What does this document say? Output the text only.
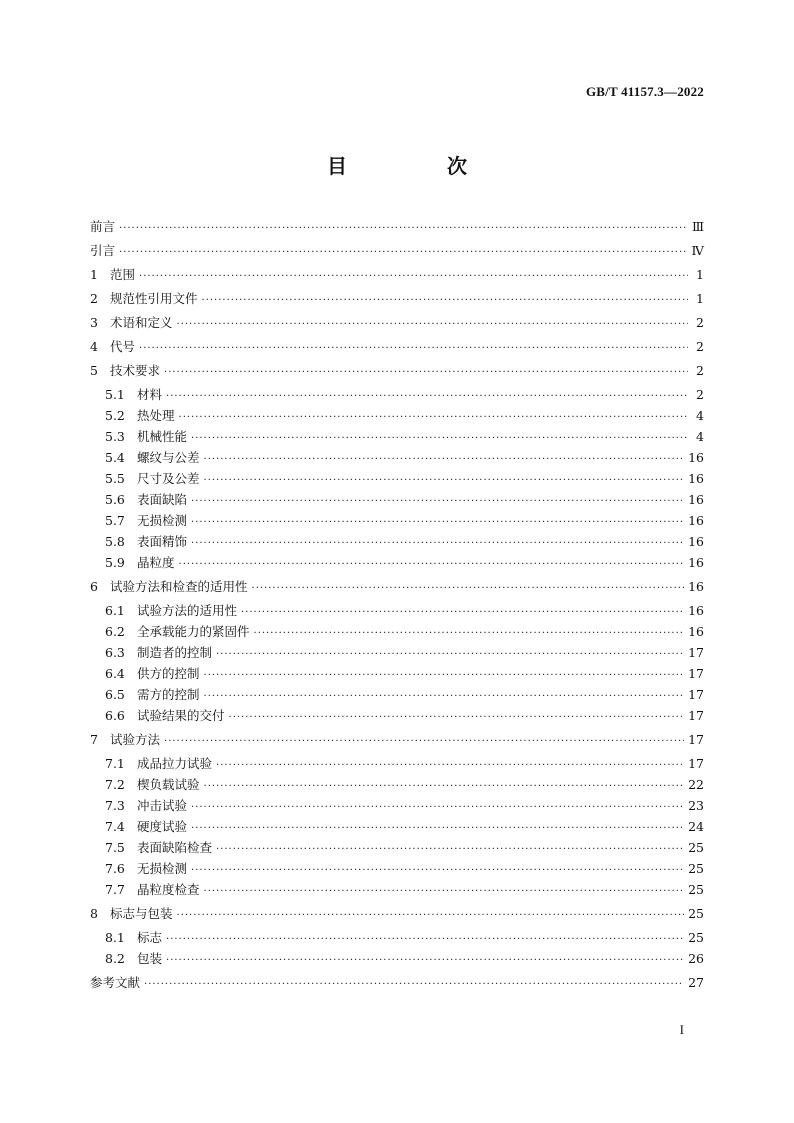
GB/T 41157.3—2022
目　次
前言 ·····	Ⅲ
引言 ·····	Ⅳ
1 范围 ·····	1
2 规范性引用文件 ·····	1
3 术语和定义 ·····	2
4 代号 ·····	2
5 技术要求 ·····	2
5.1 材料 ·····	2
5.2 热处理 ·····	4
5.3 机械性能 ·····	4
5.4 螺纹与公差 ·····	16
5.5 尺寸及公差 ·····	16
5.6 表面缺陷 ·····	16
5.7 无损检测 ·····	16
5.8 表面精饰 ·····	16
5.9 晶粒度 ·····	16
6 试验方法和检查的适用性 ·····	16
6.1 试验方法的适用性 ·····	16
6.2 全承载能力的紧固件 ·····	16
6.3 制造者的控制 ·····	17
6.4 供方的控制 ·····	17
6.5 需方的控制 ·····	17
6.6 试验结果的交付 ·····	17
7 试验方法 ·····	17
7.1 成品拉力试验 ·····	17
7.2 楔负载试验 ·····	22
7.3 冲击试验 ·····	23
7.4 硬度试验 ·····	24
7.5 表面缺陷检查 ·····	25
7.6 无损检测 ·····	25
7.7 晶粒度检查 ·····	25
8 标志与包装 ·····	25
8.1 标志 ·····	25
8.2 包装 ·····	26
参考文献 ·····	27
I
